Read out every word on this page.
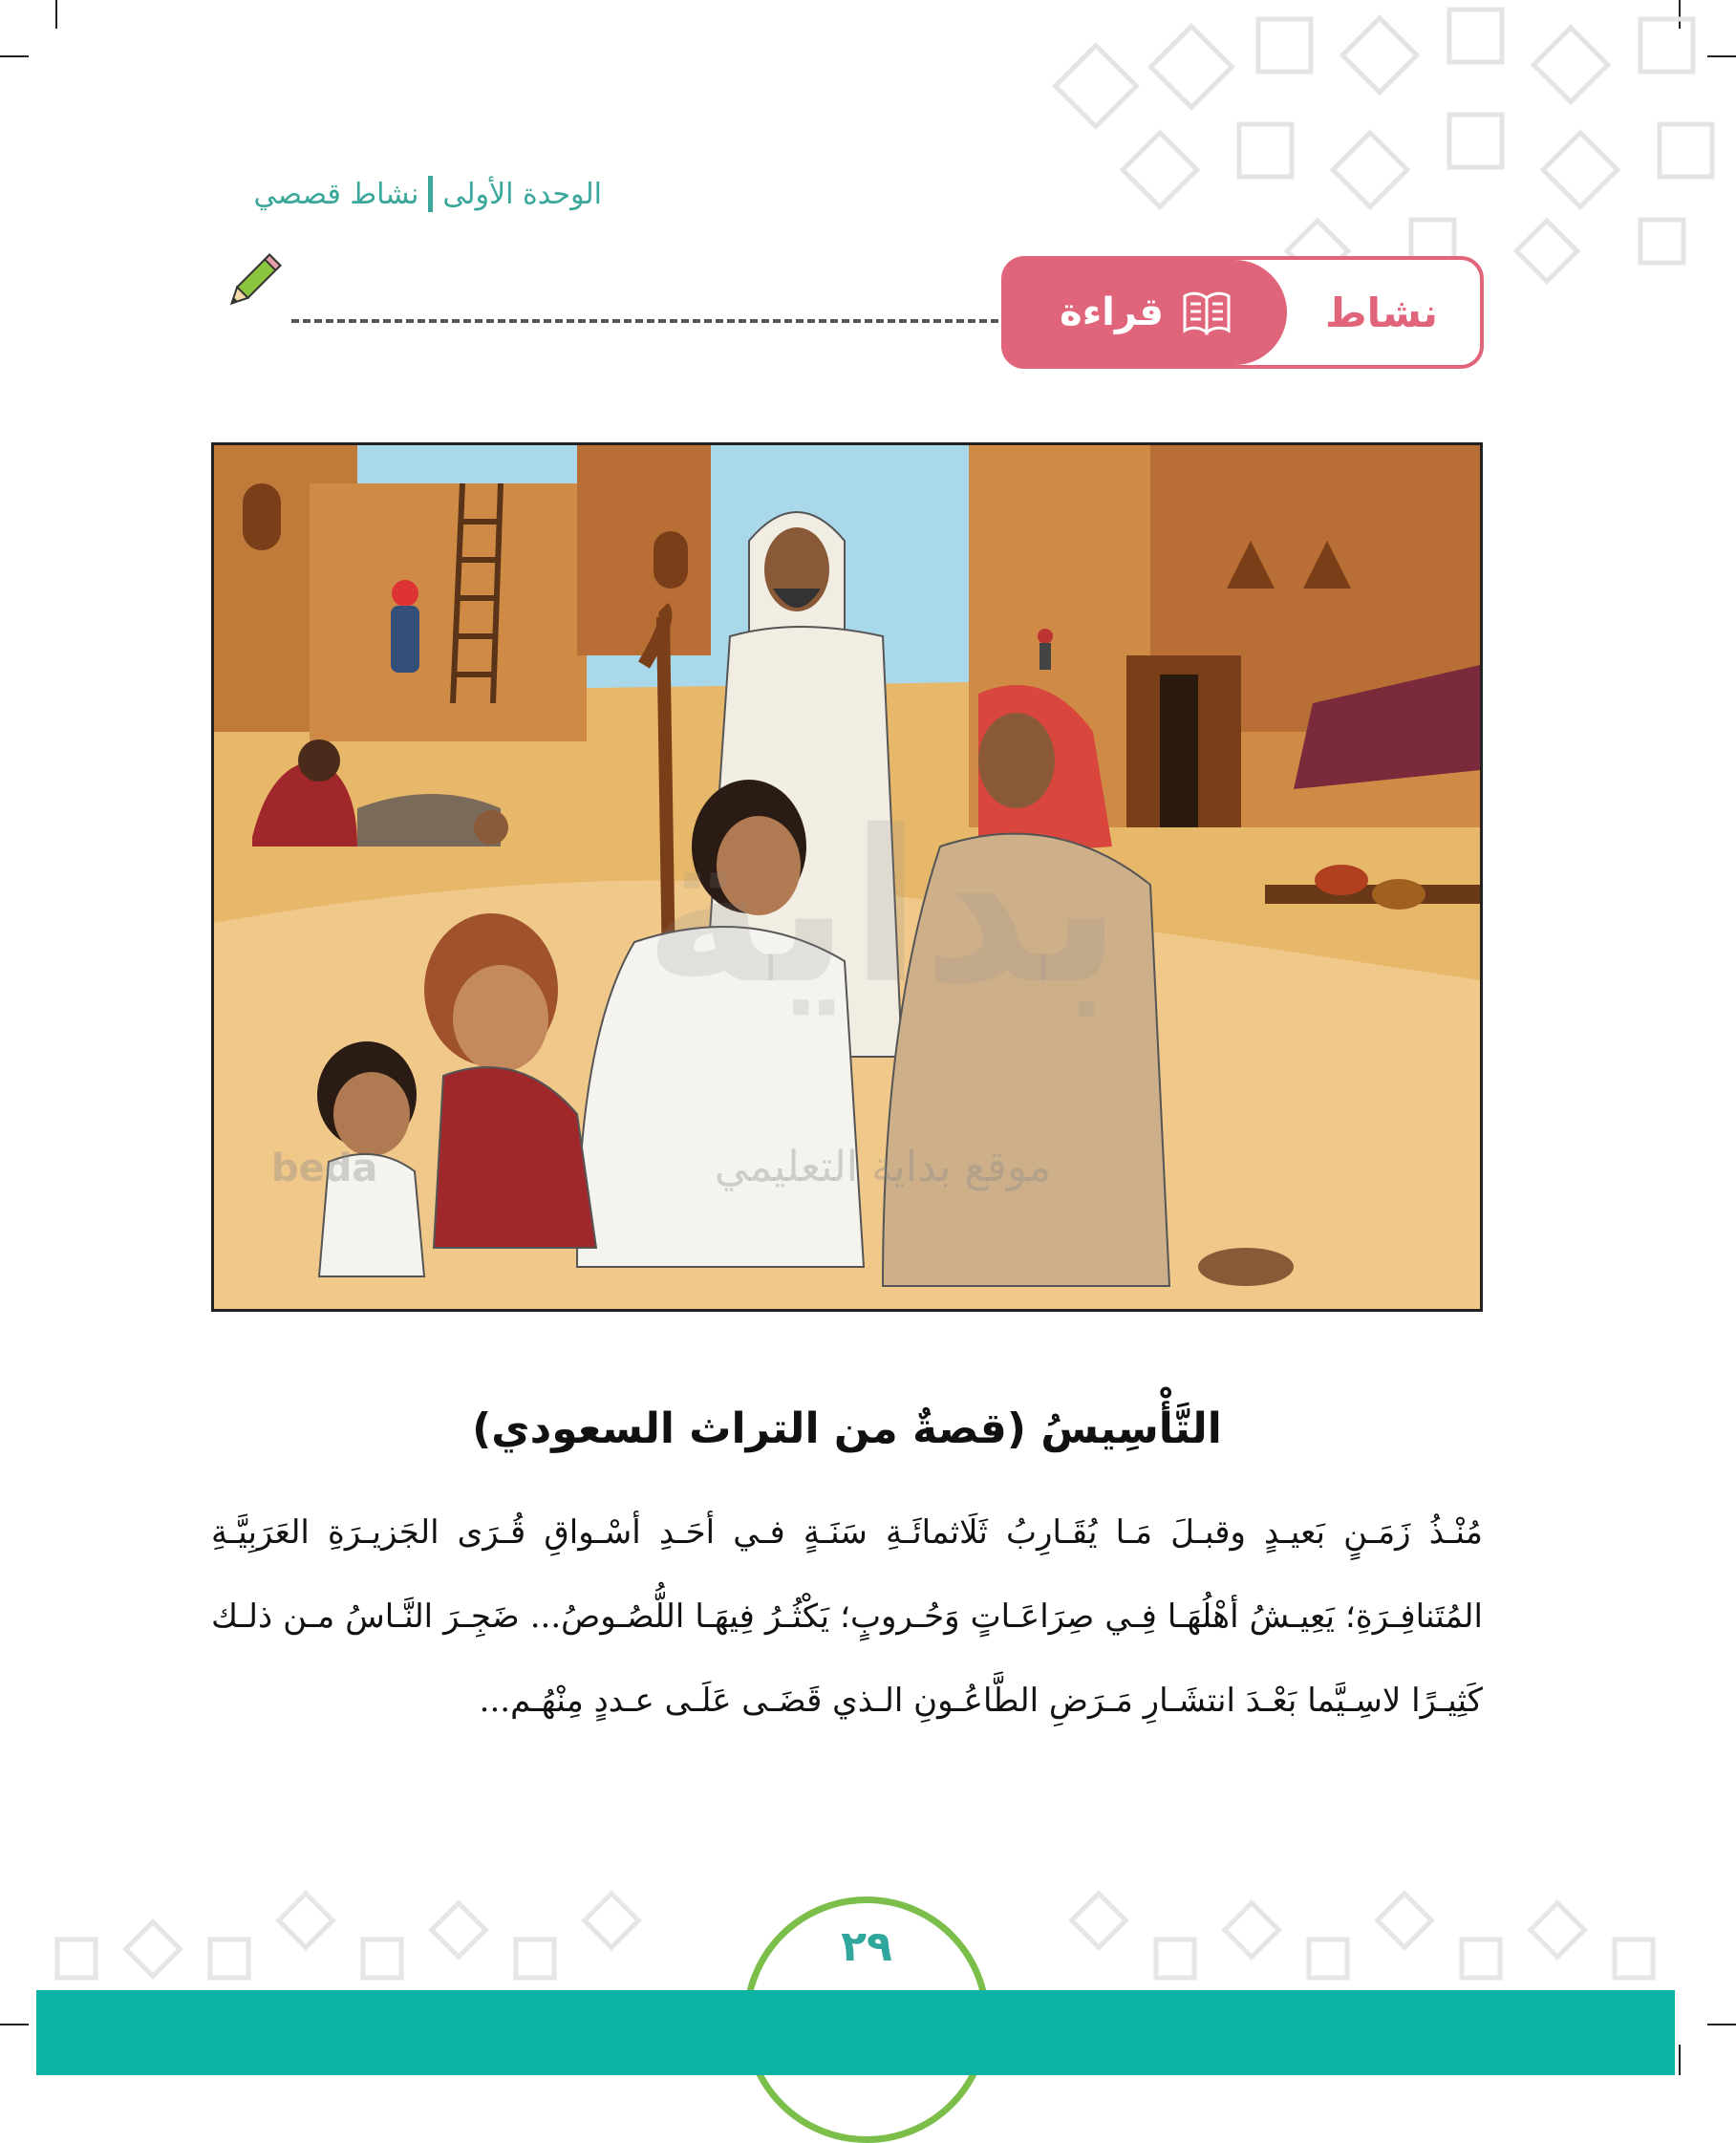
الوحدة الأولى
نشاط قصصي
نشاط
قراءة
بداية
beda	موقع بداية التعليمي
التَّأْسِيسُ (قصةٌ من التراث السعودي)

مُنْـذُ زَمَـنٍ بَعيـدٍ وقبـلَ مَـا يُقَـارِبُ ثَلَاثمائَـةِ سَنَـةٍ فـي أحَـدِ أسْـواقِ قُـرَى الجَزيـرَةِ العَرَبِيَّـةِ المُتَنافِـرَةِ؛ يَعِيـشُ أهْلُهَـا فِـي صِرَاعَـاتٍ وَحُـروبٍ؛ يَكْثُـرُ فِيهَـا اللُّصُـوصُ... ضَجِـرَ النَّـاسُ مـن ذلـك كَثِيـرًا لاسِـيَّما بَعْـدَ انتشَـارِ مَـرَضِ الطَّاعُـونِ الـذي قَضَـى عَلَـى عـددٍ مِنْهُـم...

٢٩
